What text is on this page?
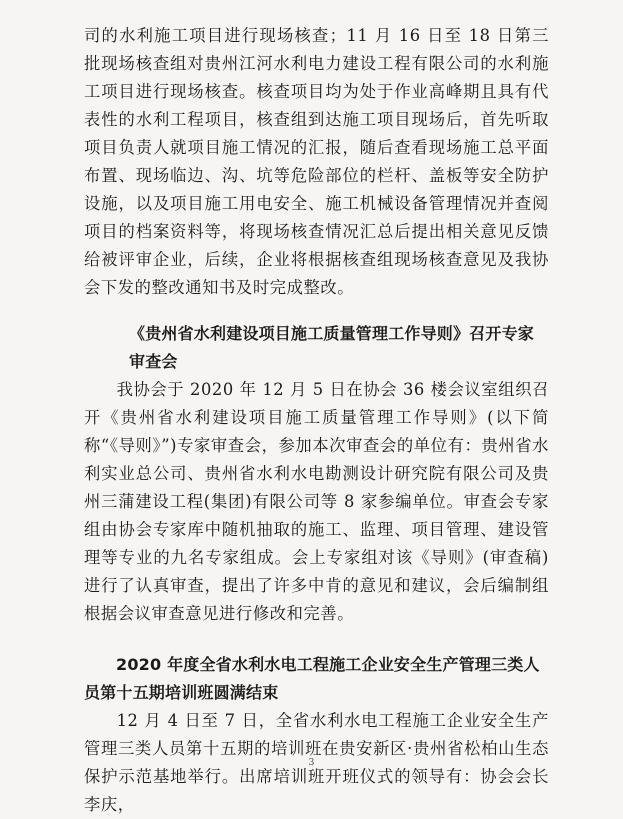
司的水利施工项目进行现场核查；11 月 16 日至 18 日第三批现场核查组对贵州江河水利电力建设工程有限公司的水利施工项目进行现场核查。核查项目均为处于作业高峰期且具有代表性的水利工程项目，核查组到达施工项目现场后，首先听取项目负责人就项目施工情况的汇报，随后查看现场施工总平面布置、现场临边、沟、坑等危险部位的栏杆、盖板等安全防护设施，以及项目施工用电安全、施工机械设备管理情况并查阅项目的档案资料等，将现场核查情况汇总后提出相关意见反馈给被评审企业，后续，企业将根据核查组现场核查意见及我协会下发的整改通知书及时完成整改。

《贵州省水利建设项目施工质量管理工作导则》召开专家审查会

我协会于 2020 年 12 月 5 日在协会 36 楼会议室组织召开《贵州省水利建设项目施工质量管理工作导则》(以下简称“《导则》”)专家审查会，参加本次审查会的单位有：贵州省水利实业总公司、贵州省水利水电勘测设计研究院有限公司及贵州三蒲建设工程(集团)有限公司等 8 家参编单位。审查会专家组由协会专家库中随机抽取的施工、监理、项目管理、建设管理等专业的九名专家组成。会上专家组对该《导则》(审查稿)进行了认真审查，提出了许多中肯的意见和建议，会后编制组根据会议审查意见进行修改和完善。

2020 年度全省水利水电工程施工企业安全生产管理三类人员第十五期培训班圆满结束

12 月 4 日至 7 日，全省水利水电工程施工企业安全生产管理三类人员第十五期的培训班在贵安新区·贵州省松柏山生态保护示范基地举行。出席培训班开班仪式的领导有：协会会长李庆，

3
